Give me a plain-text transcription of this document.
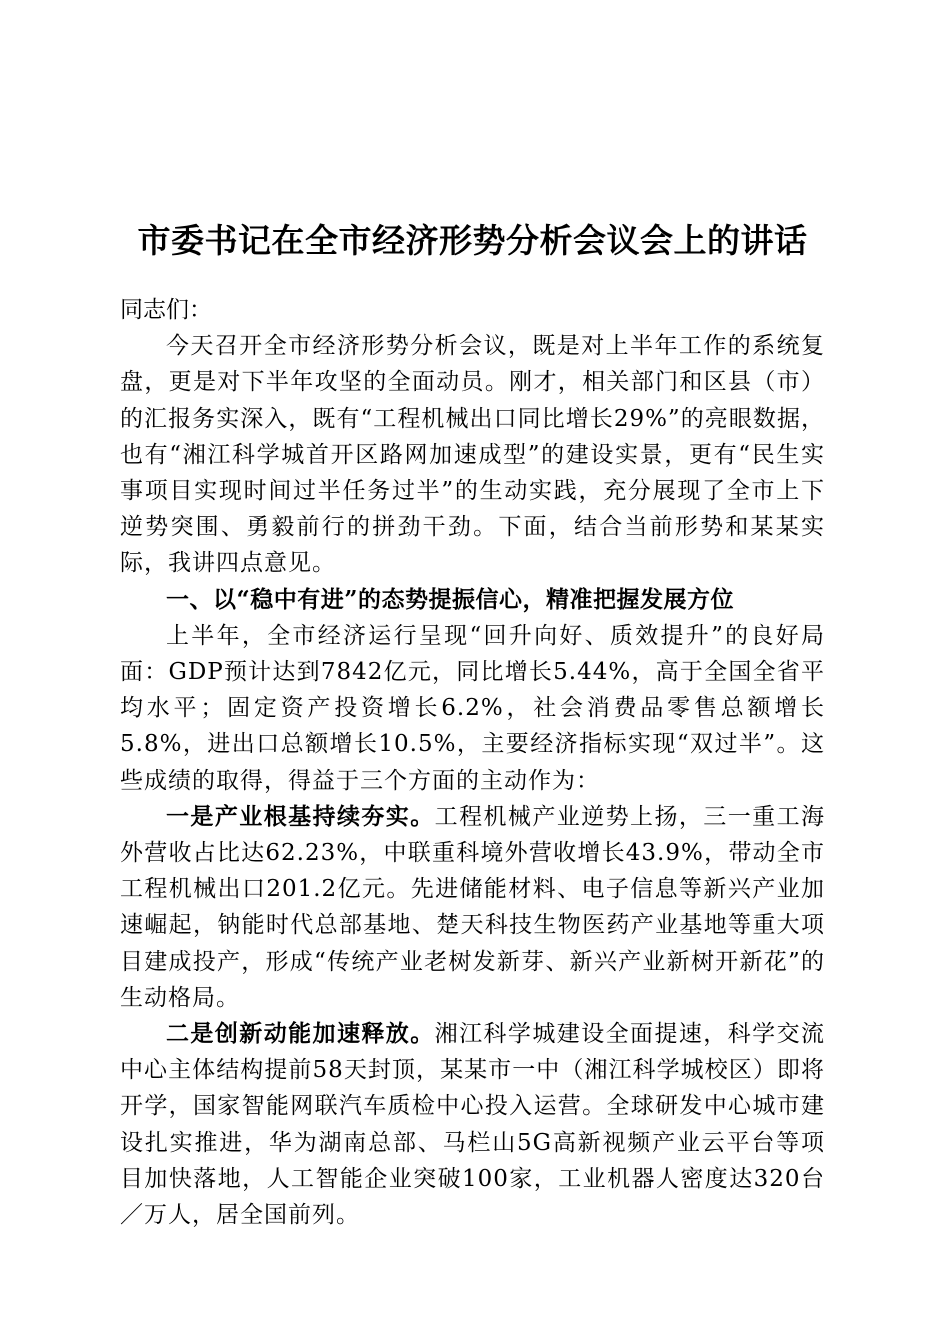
市委书记在全市经济形势分析会议会上的讲话

同志们：

今天召开全市经济形势分析会议，既是对上半年工作的系统复盘，更是对下半年攻坚的全面动员。刚才，相关部门和区县（市）的汇报务实深入，既有“工程机械出口同比增长29%”的亮眼数据，也有“湘江科学城首开区路网加速成型”的建设实景，更有“民生实事项目实现时间过半任务过半”的生动实践，充分展现了全市上下逆势突围、勇毅前行的拼劲干劲。下面，结合当前形势和某某实际，我讲四点意见。

一、以“稳中有进”的态势提振信心，精准把握发展方位

上半年，全市经济运行呈现“回升向好、质效提升”的良好局面：GDP预计达到7842亿元，同比增长5.44%，高于全国全省平均水平；固定资产投资增长6.2%，社会消费品零售总额增长5.8%，进出口总额增长10.5%，主要经济指标实现“双过半”。这些成绩的取得，得益于三个方面的主动作为：

一是产业根基持续夯实。工程机械产业逆势上扬，三一重工海外营收占比达62.23%，中联重科境外营收增长43.9%，带动全市工程机械出口201.2亿元。先进储能材料、电子信息等新兴产业加速崛起，钠能时代总部基地、楚天科技生物医药产业基地等重大项目建成投产，形成“传统产业老树发新芽、新兴产业新树开新花”的生动格局。

二是创新动能加速释放。湘江科学城建设全面提速，科学交流中心主体结构提前58天封顶，某某市一中（湘江科学城校区）即将开学，国家智能网联汽车质检中心投入运营。全球研发中心城市建设扎实推进，华为湖南总部、马栏山5G高新视频产业云平台等项目加快落地，人工智能企业突破100家，工业机器人密度达320台／万人，居全国前列。
